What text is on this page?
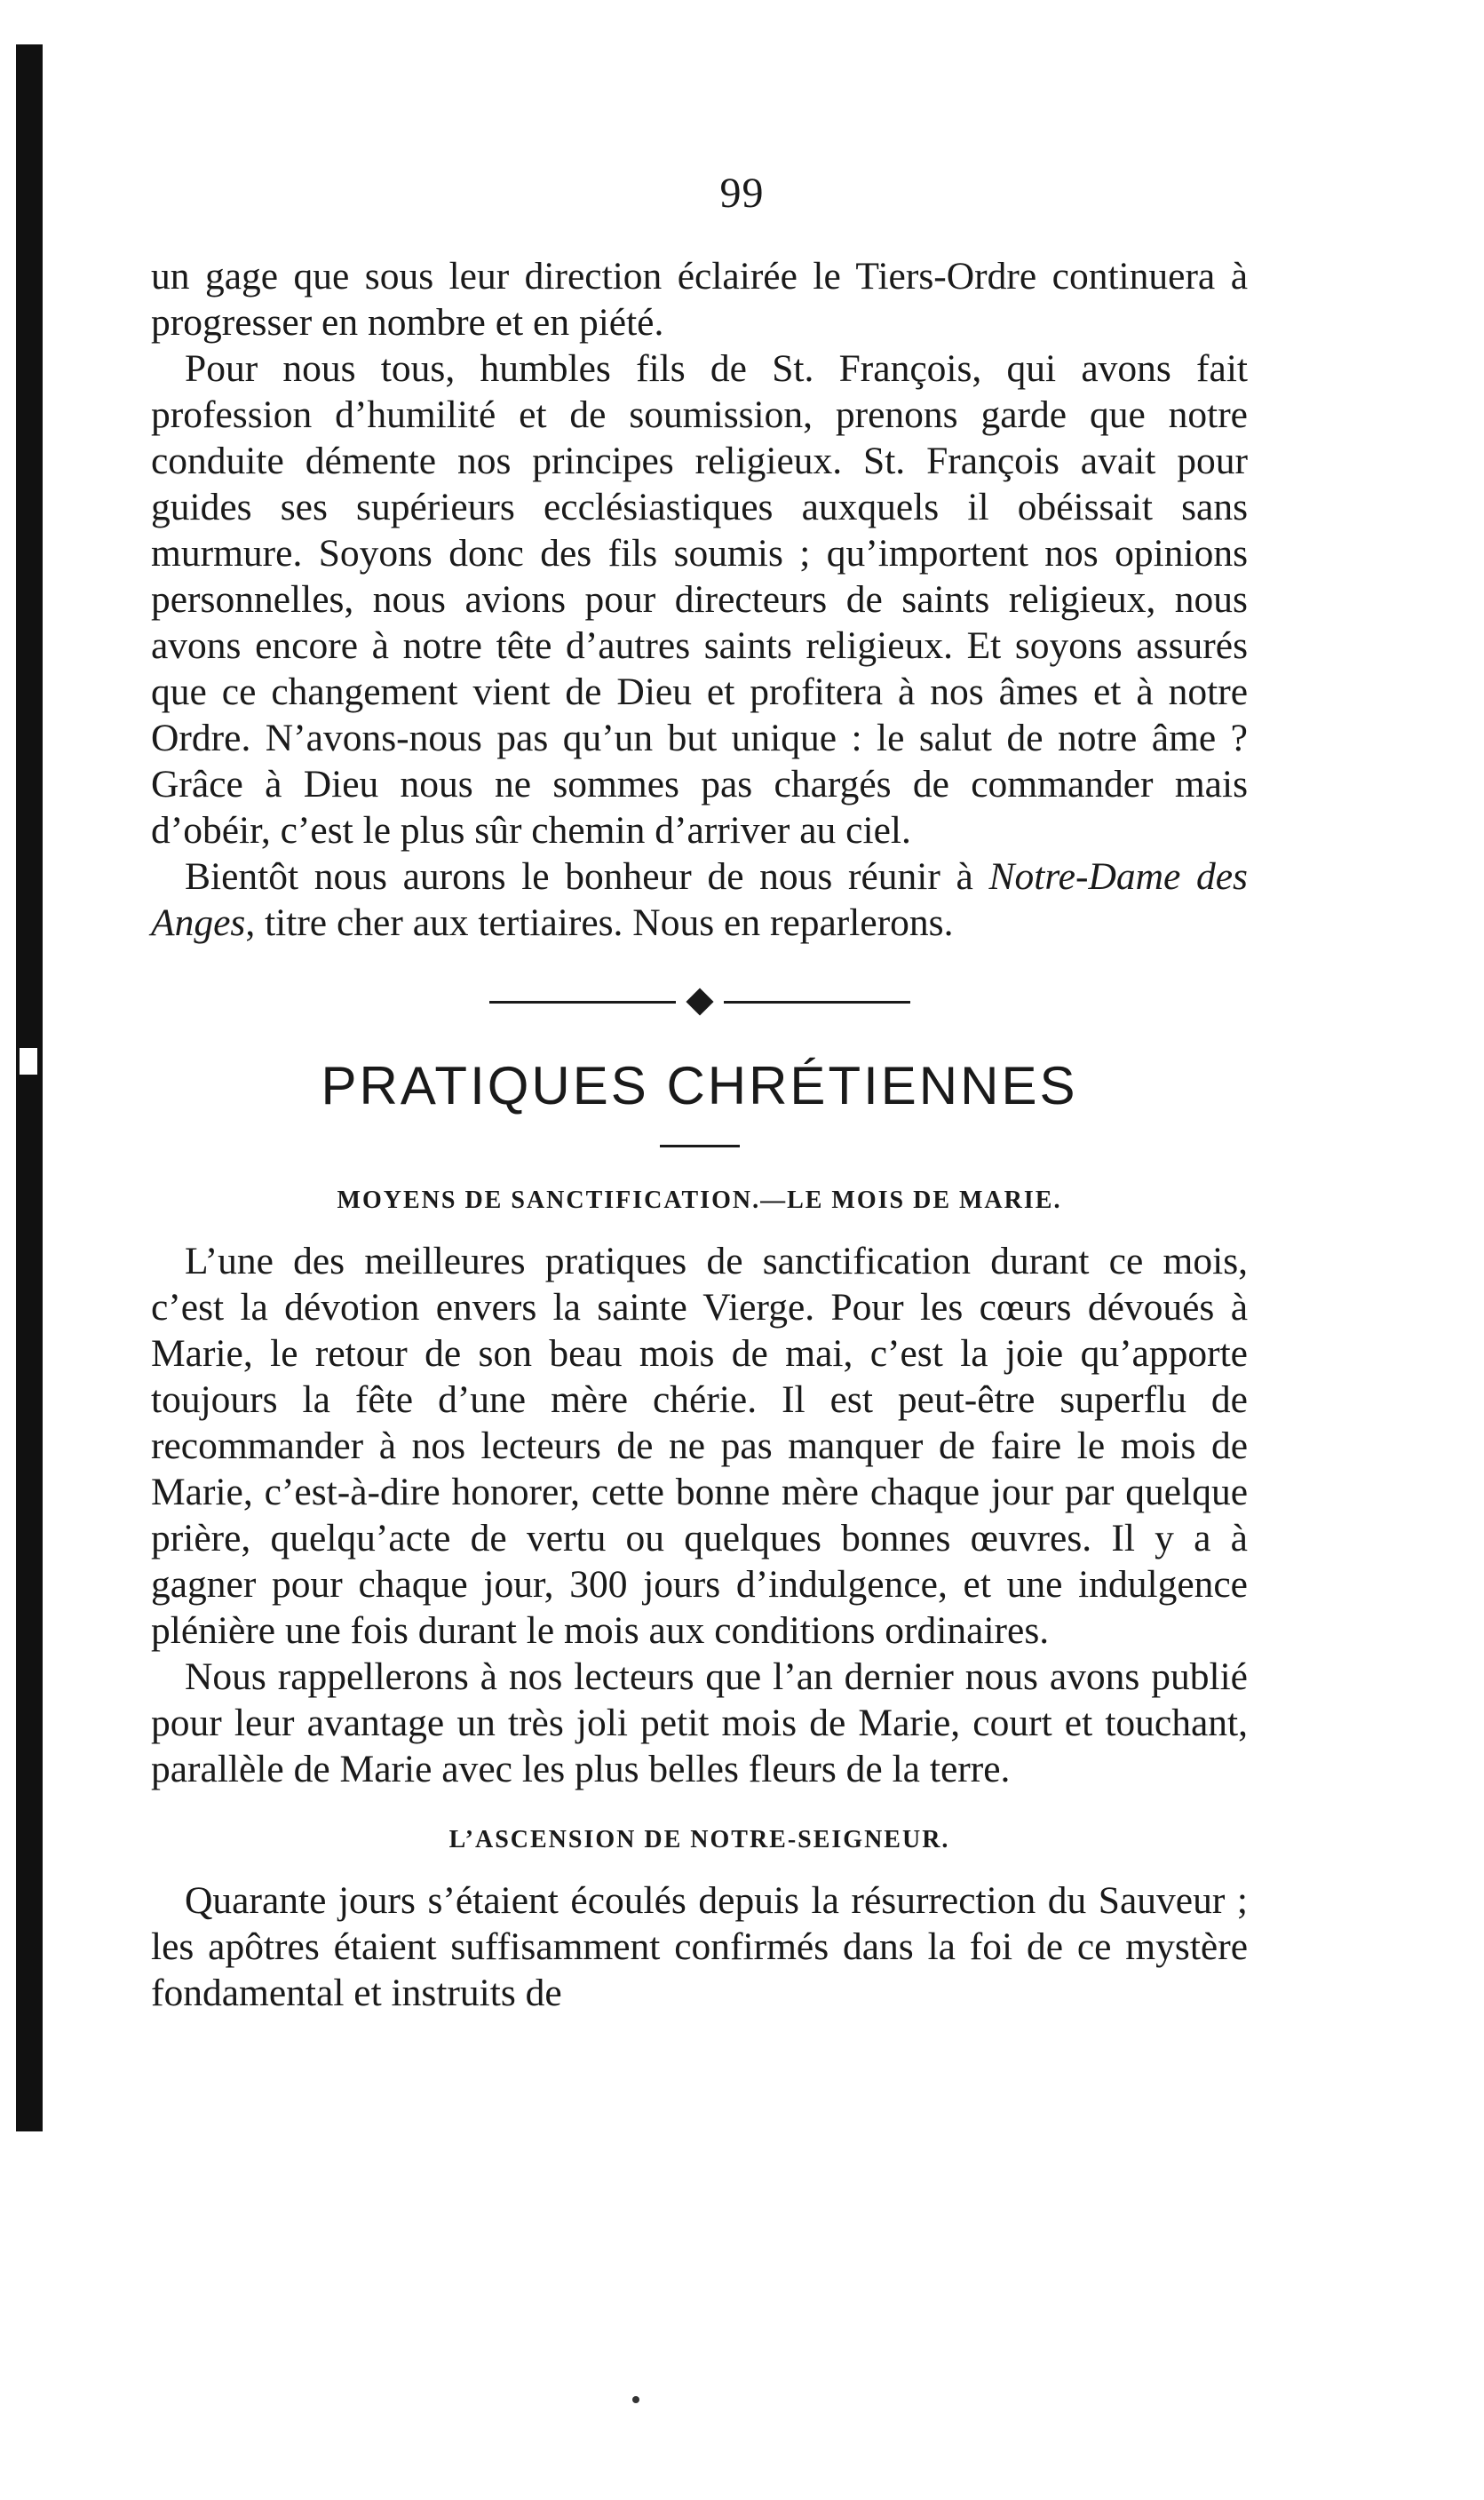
99

un gage que sous leur direction éclairée le Tiers-Ordre continuera à progresser en nombre et en piété.

Pour nous tous, humbles fils de St. François, qui avons fait profession d’humilité et de soumission, prenons garde que notre conduite démente nos principes religieux. St. François avait pour guides ses supérieurs ecclésiastiques auxquels il obéissait sans murmure. Soyons donc des fils soumis ; qu’importent nos opinions personnelles, nous avions pour directeurs de saints religieux, nous avons encore à notre tête d’autres saints religieux. Et soyons assurés que ce changement vient de Dieu et profitera à nos âmes et à notre Ordre. N’avons-nous pas qu’un but unique : le salut de notre âme ? Grâce à Dieu nous ne sommes pas chargés de commander mais d’obéir, c’est le plus sûr chemin d’arriver au ciel.

Bientôt nous aurons le bonheur de nous réunir à Notre-Dame des Anges, titre cher aux tertiaires. Nous en reparlerons.

PRATIQUES CHRÉTIENNES
MOYENS DE SANCTIFICATION.—LE MOIS DE MARIE.

L’une des meilleures pratiques de sanctification durant ce mois, c’est la dévotion envers la sainte Vierge. Pour les cœurs dévoués à Marie, le retour de son beau mois de mai, c’est la joie qu’apporte toujours la fête d’une mère chérie. Il est peut-être superflu de recommander à nos lecteurs de ne pas manquer de faire le mois de Marie, c’est-à-dire honorer, cette bonne mère chaque jour par quelque prière, quelqu’acte de vertu ou quelques bonnes œuvres. Il y a à gagner pour chaque jour, 300 jours d’indulgence, et une indulgence plénière une fois durant le mois aux conditions ordinaires.

Nous rappellerons à nos lecteurs que l’an dernier nous avons publié pour leur avantage un très joli petit mois de Marie, court et touchant, parallèle de Marie avec les plus belles fleurs de la terre.

L’ASCENSION DE NOTRE-SEIGNEUR.

Quarante jours s’étaient écoulés depuis la résurrection du Sauveur ; les apôtres étaient suffisamment confirmés dans la foi de ce mystère fondamental et instruits de
